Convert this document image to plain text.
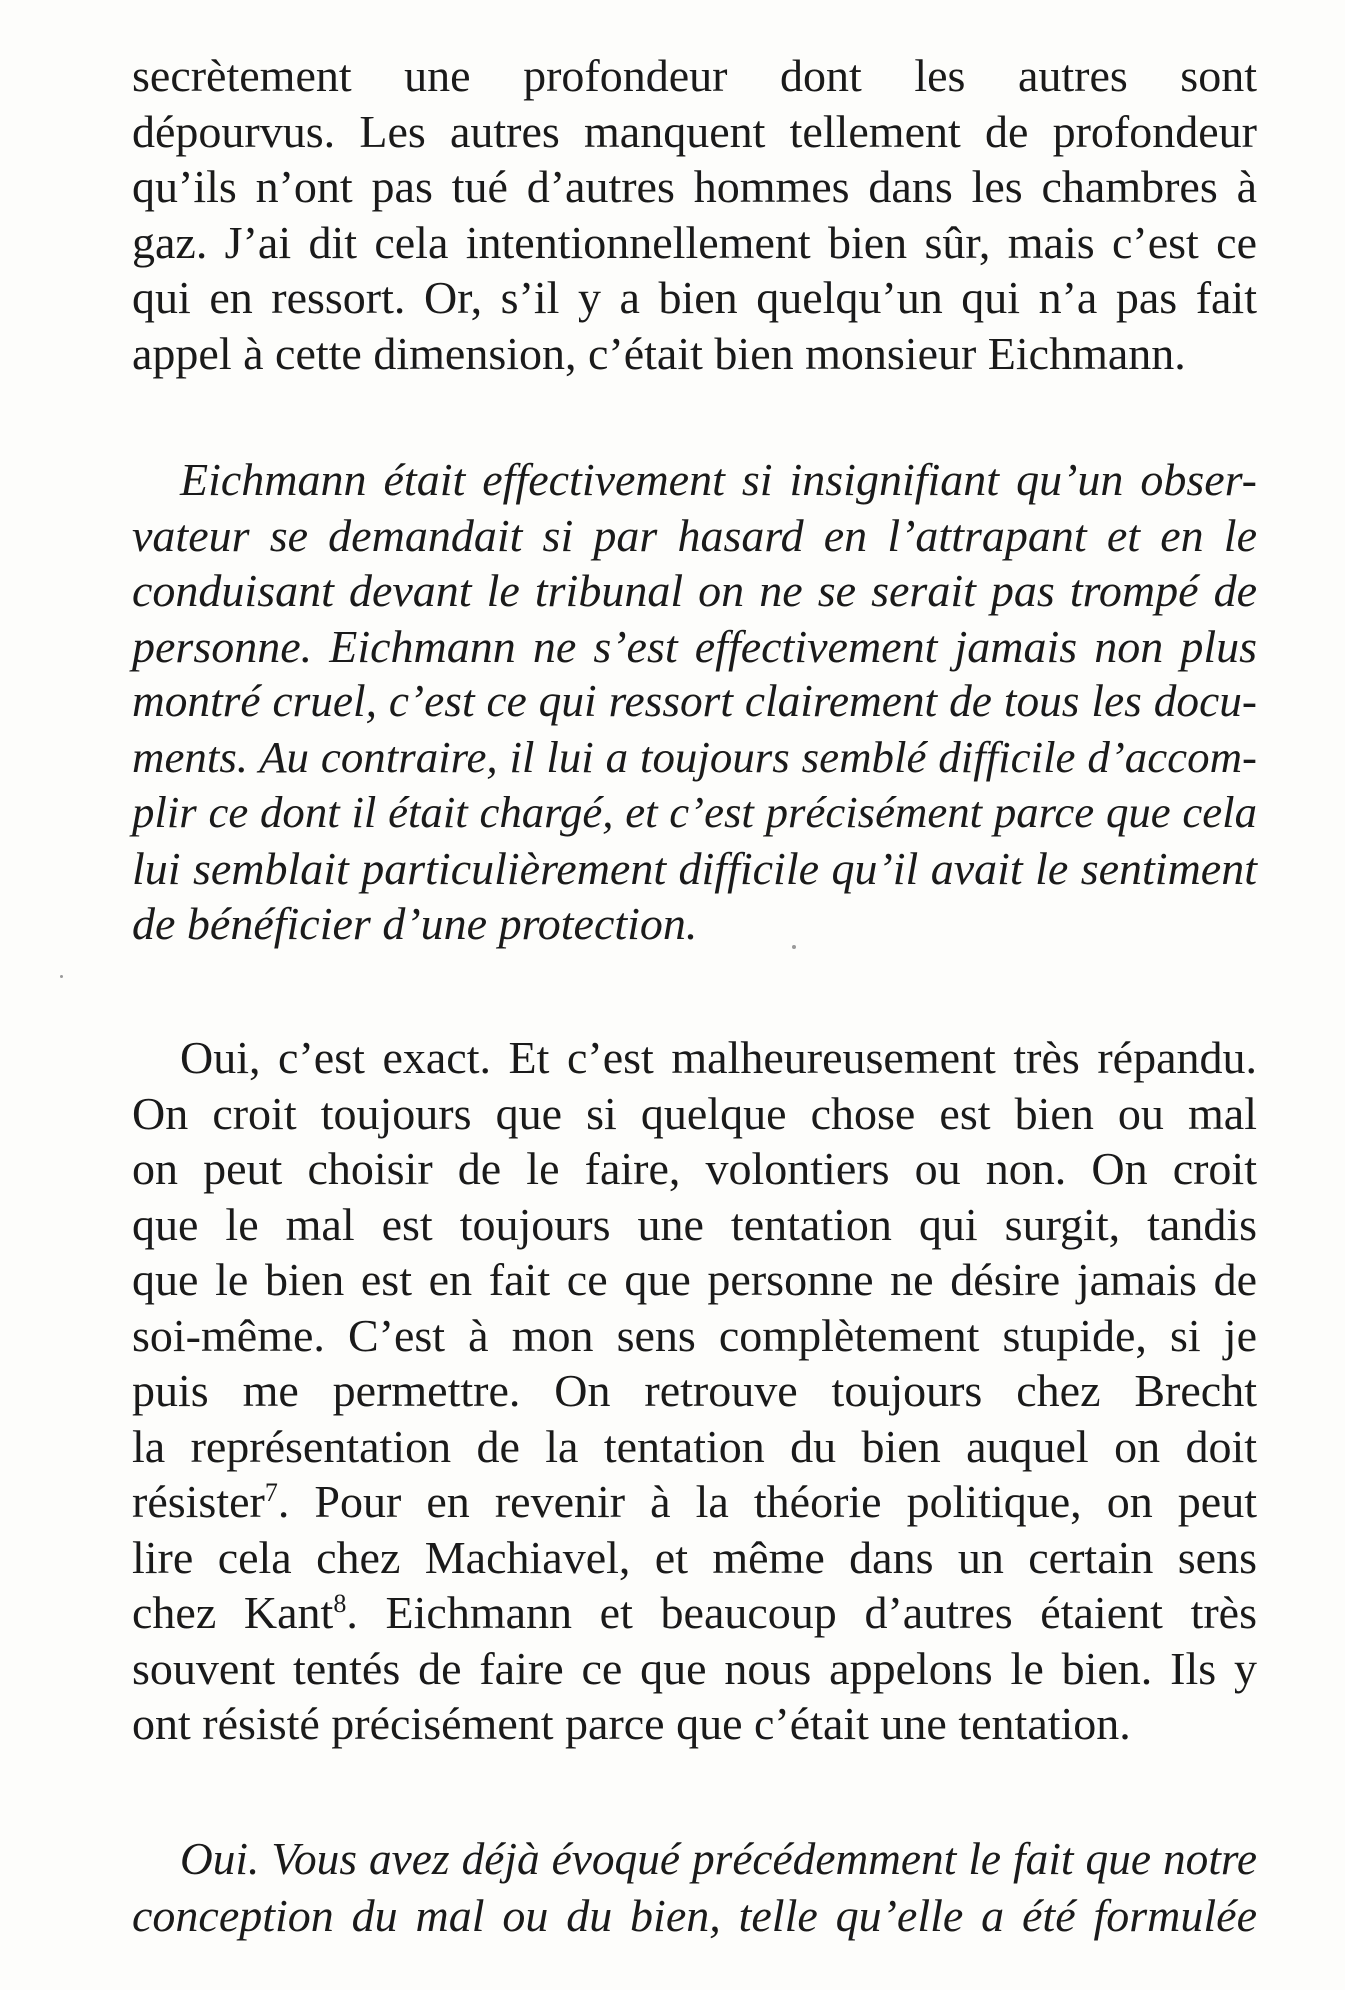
secrètement une profondeur dont les autres sont
dépourvus. Les autres manquent tellement de profondeur
qu’ils n’ont pas tué d’autres hommes dans les chambres à
gaz. J’ai dit cela intentionnellement bien sûr, mais c’est ce
qui en ressort. Or, s’il y a bien quelqu’un qui n’a pas fait
appel à cette dimension, c’était bien monsieur Eichmann.
Eichmann était effectivement si insignifiant qu’un obser-
vateur se demandait si par hasard en l’attrapant et en le
conduisant devant le tribunal on ne se serait pas trompé de
personne. Eichmann ne s’est effectivement jamais non plus
montré cruel, c’est ce qui ressort clairement de tous les docu-
ments. Au contraire, il lui a toujours semblé difficile d’accom-
plir ce dont il était chargé, et c’est précisément parce que cela
lui semblait particulièrement difficile qu’il avait le sentiment
de bénéficier d’une protection.
Oui, c’est exact. Et c’est malheureusement très répandu.
On croit toujours que si quelque chose est bien ou mal
on peut choisir de le faire, volontiers ou non. On croit
que le mal est toujours une tentation qui surgit, tandis
que le bien est en fait ce que personne ne désire jamais de
soi-même. C’est à mon sens complètement stupide, si je
puis me permettre. On retrouve toujours chez Brecht
la représentation de la tentation du bien auquel on doit
résister$^7$. Pour en revenir à la théorie politique, on peut
lire cela chez Machiavel, et même dans un certain sens
chez Kant$^8$. Eichmann et beaucoup d’autres étaient très
souvent tentés de faire ce que nous appelons le bien. Ils y
ont résisté précisément parce que c’était une tentation.
Oui. Vous avez déjà évoqué précédemment le fait que notre
conception du mal ou du bien, telle qu’elle a été formulée
